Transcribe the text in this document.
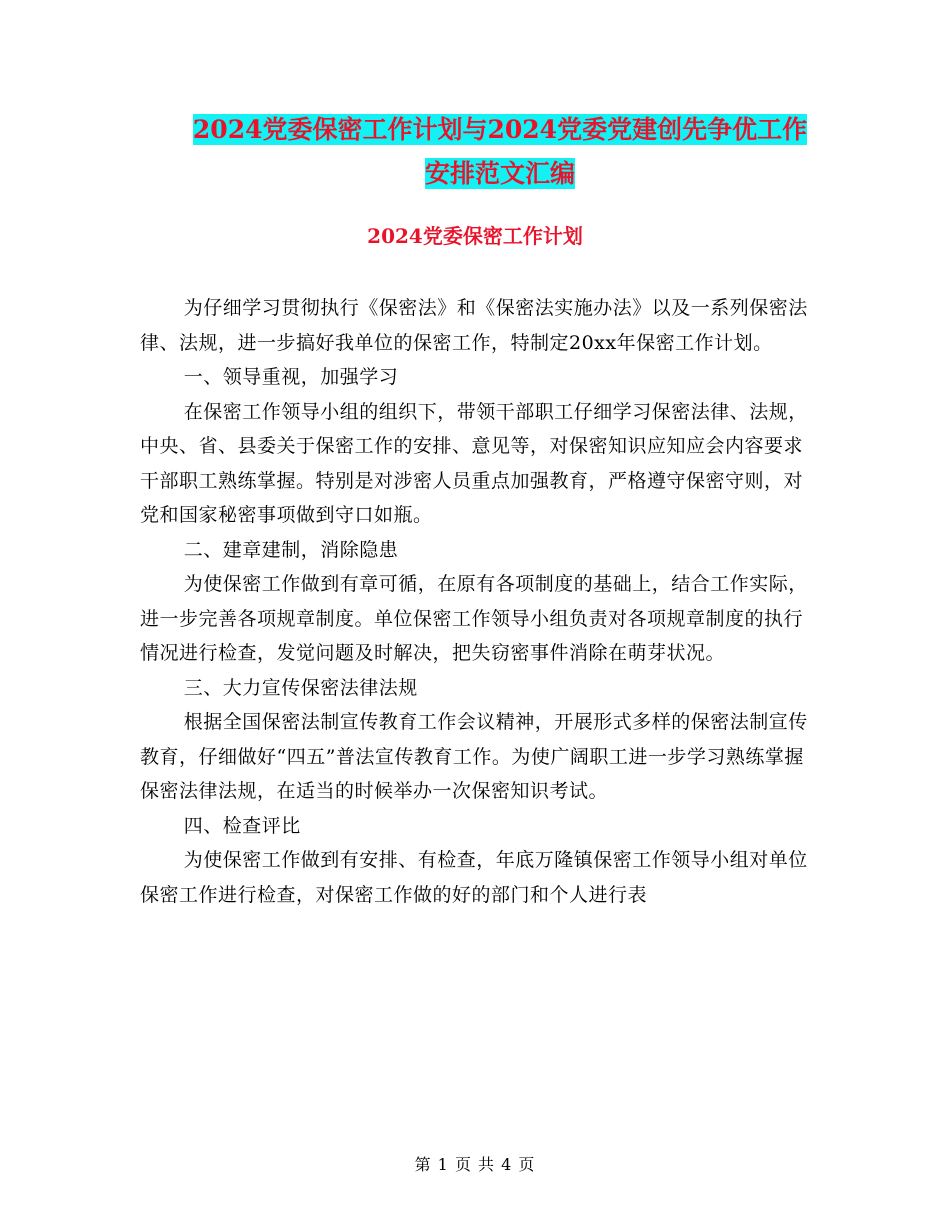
2024党委保密工作计划与2024党委党建创先争优工作
安排范文汇编
2024党委保密工作计划

为仔细学习贯彻执行《保密法》和《保密法实施办法》以及一系列保密法律、法规，进一步搞好我单位的保密工作，特制定20xx年保密工作计划。

一、领导重视，加强学习

在保密工作领导小组的组织下，带领干部职工仔细学习保密法律、法规，中央、省、县委关于保密工作的安排、意见等，对保密知识应知应会内容要求干部职工熟练掌握。特别是对涉密人员重点加强教育，严格遵守保密守则，对党和国家秘密事项做到守口如瓶。

二、建章建制，消除隐患

为使保密工作做到有章可循，在原有各项制度的基础上，结合工作实际，进一步完善各项规章制度。单位保密工作领导小组负责对各项规章制度的执行情况进行检查，发觉问题及时解决，把失窃密事件消除在萌芽状况。

三、大力宣传保密法律法规

根据全国保密法制宣传教育工作会议精神，开展形式多样的保密法制宣传教育，仔细做好“四五”普法宣传教育工作。为使广阔职工进一步学习熟练掌握保密法律法规，在适当的时候举办一次保密知识考试。

四、检查评比

为使保密工作做到有安排、有检查，年底万隆镇保密工作领导小组对单位保密工作进行检查，对保密工作做的好的部门和个人进行表

第 1 页 共 4 页
